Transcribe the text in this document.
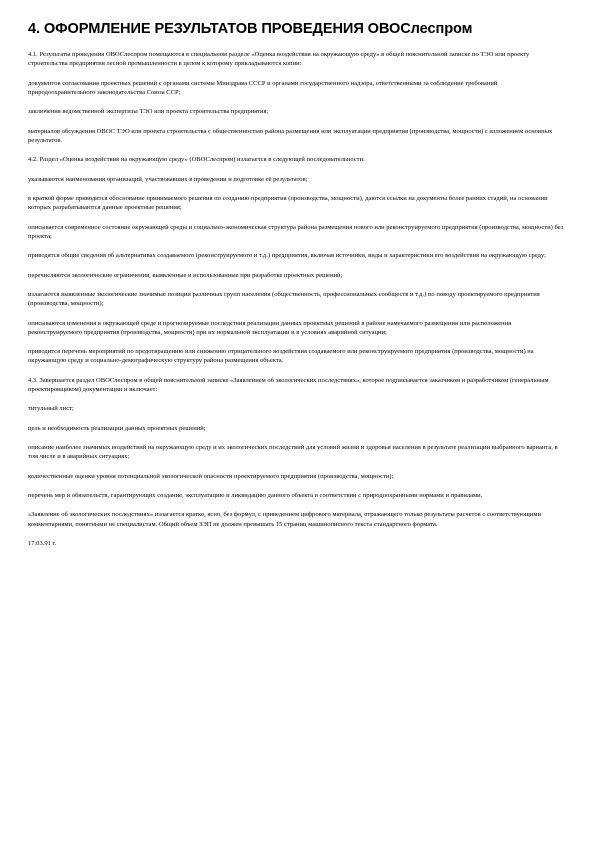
4. ОФОРМЛЕНИЕ РЕЗУЛЬТАТОВ ПРОВЕДЕНИЯ ОВОСлеспром

4.1. Результаты проведения ОВОСлеспром помещаются в специальном разделе «Оценка воздействия на окружающую среду» в общей пояснительной записке по ТЭО или проекту строительства предприятия лесной промышленности в целом к которому прикладываются копии:

документов согласования проектных решений с органами системы Минздрава СССР и органами государственного надзора, ответственными за соблюдение требований природоохранительного законодательства Союза ССР;

заключения ведомственной экспертизы ТЭО или проекта строительства предприятия;

материалов обсуждения ОВОС ТЭО или проекта строительства с общественностью района размещения или эксплуатации предприятия (производства, мощности) с изложением основных результатов.

4.2. Раздел «Оценка воздействия на окружающую среду» (ОВОСлеспром) излагается в следующей последовательности:

указываются наименования организаций, участвовавших в проведении и подготовке её результатов;

в краткой форме приводится обоснование принимаемого решения по созданию предприятия (производства, мощности), даются ссылки на документы более ранних стадий, на основании которых разрабатываются данные проектные решения;

описывается современное состояние окружающей среды и социально-экономическая структура района размещения нового или реконструируемого предприятия (производства, мощности) без проекта;

приводятся общие сведения об альтернативах создаваемого (реконструируемого и т.д.) предприятия, включая источники, виды и характеристики его воздействия на окружающую среду;

перечисляются экологические ограничения, выявленные и использованные при разработке проектных решений;

излагаются выявленные экологические значимые позиции различных групп населения (общественность, профессиональных сообществ и т.д.) по поводу проектируемого предприятия (производства, мощности);

описываются изменения в окружающей среде и прогнозируемые последствия реализации данных проектных решений в районе намечаемого размещения или расположения реконструируемого предприятия (производства, мощности) при их нормальной эксплуатации и в условиях аварийной ситуации;

приводится перечень мероприятий по предотвращению или снижению отрицательного воздействия создаваемого или реконструируемого предприятия (производства, мощности) на окружающую среду и социально-демографическую структуру района размещения объекта.

4.3. Завершается раздел ОВОСлеспром в общей пояснительной записке «Заявлением об экологических последствиях», которое подписывается заказчиком и разработчиком (генеральным проектировщиком) документации и включает:

титульный лист;

цель и необходимость реализации данных проектных решений;

описание наиболее значимых воздействий на окружающую среду и их экологических последствий для условий жизни и здоровья населения в результате реализации выбранного варианта, в том числе и в аварийных ситуациях;

количественные оценки уровня потенциальной экологической опасности проектируемого предприятия (производства, мощности);

перечень мер и обязательств, гарантирующих создание, эксплуатацию и ликвидацию данного объекта в соответствии с природоохранными нормами и правилами.

«Заявление об экологических последствиях» излагается кратко, ясно, без формул, с приведением цифрового материала, отражающего только результаты расчетов с соответствующими комментариями, понятными не специалистам. Общий объем ЗЭП не должен превышать 15 страниц машинописного текста стандартного формата.

17.03.91 г.
